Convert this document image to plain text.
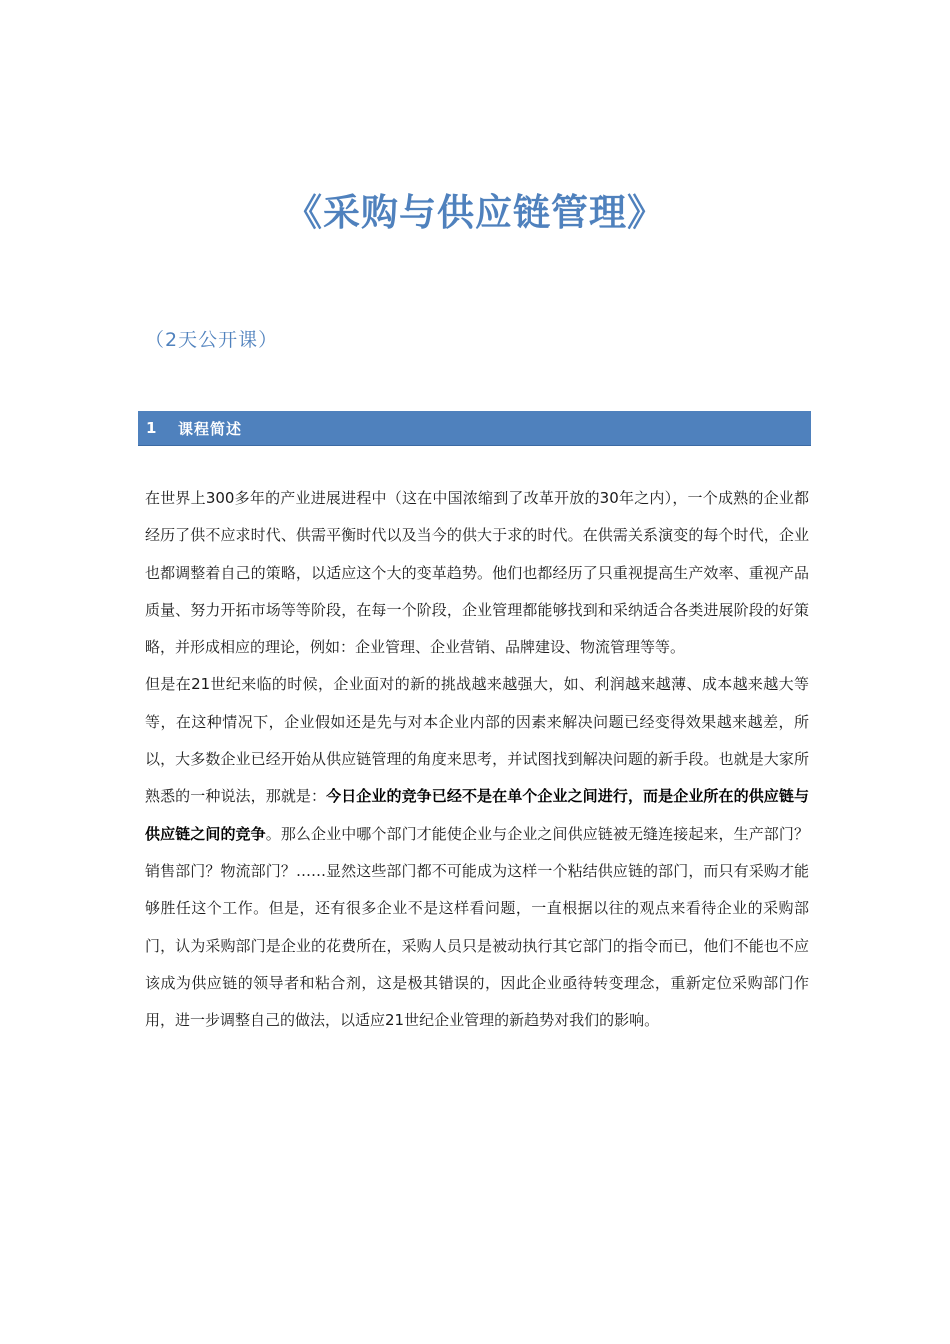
《采购与供应链管理》
（2天公开课）
1	课程简述

在世界上300多年的产业进展进程中（这在中国浓缩到了改革开放的30年之内），一个成熟的企业都经历了供不应求时代、供需平衡时代以及当今的供大于求的时代。在供需关系演变的每个时代，企业也都调整着自己的策略，以适应这个大的变革趋势。他们也都经历了只重视提高生产效率、重视产品质量、努力开拓市场等等阶段，在每一个阶段，企业管理都能够找到和采纳适合各类进展阶段的好策略，并形成相应的理论，例如：企业管理、企业营销、品牌建设、物流管理等等。

但是在21世纪来临的时候，企业面对的新的挑战越来越强大，如、利润越来越薄、成本越来越大等等，在这种情况下，企业假如还是先与对本企业内部的因素来解决问题已经变得效果越来越差，所以，大多数企业已经开始从供应链管理的角度来思考，并试图找到解决问题的新手段。也就是大家所熟悉的一种说法，那就是：今日企业的竞争已经不是在单个企业之间进行，而是企业所在的供应链与供应链之间的竞争。那么企业中哪个部门才能使企业与企业之间供应链被无缝连接起来，生产部门？销售部门？物流部门？……显然这些部门都不可能成为这样一个粘结供应链的部门，而只有采购才能够胜任这个工作。但是，还有很多企业不是这样看问题，一直根据以往的观点来看待企业的采购部门，认为采购部门是企业的花费所在，采购人员只是被动执行其它部门的指令而已，他们不能也不应该成为供应链的领导者和粘合剂，这是极其错误的，因此企业亟待转变理念，重新定位采购部门作用，进一步调整自己的做法，以适应21世纪企业管理的新趋势对我们的影响。
